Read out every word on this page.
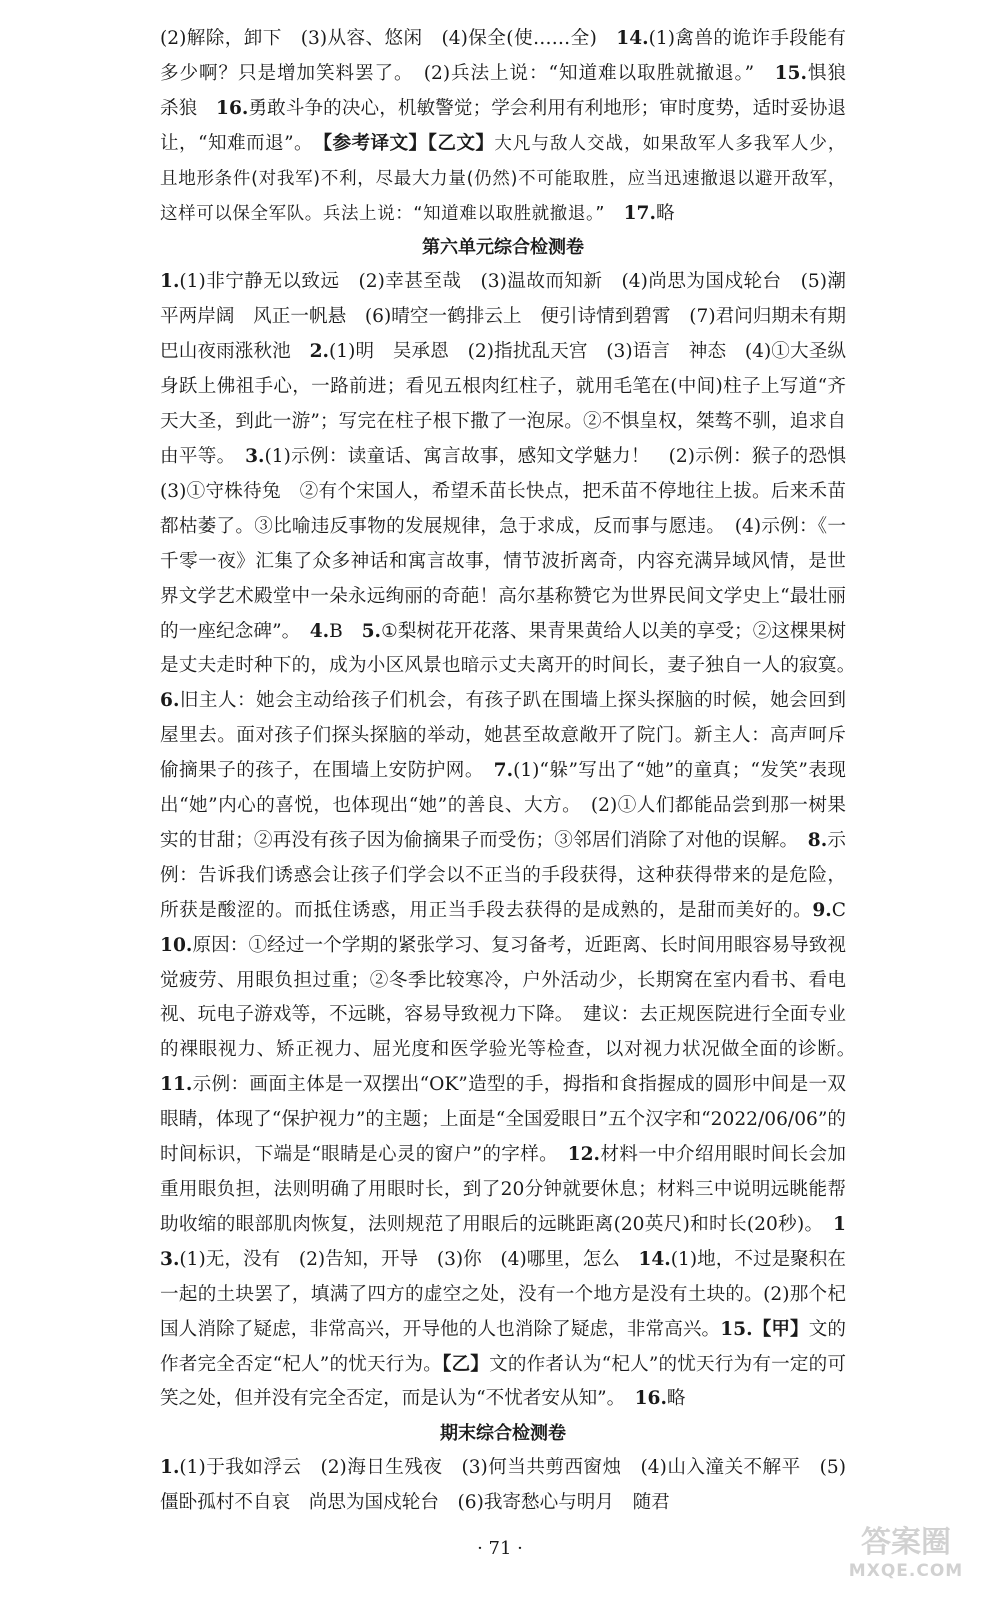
(2)解除，卸下　(3)从容、悠闲　(4)保全(使……全)　14.(1)禽兽的诡诈手段能有多少啊？只是增加笑料罢了。　(2)兵法上说：“知道难以取胜就撤退。”　15.惧狼　杀狼　16.勇敢斗争的决心，机敏警觉；学会利用有利地形；审时度势，适时妥协退让，“知难而退”。　【参考译文】【乙文】大凡与敌人交战，如果敌军人多我军人少，且地形条件(对我军)不利，尽最大力量(仍然)不可能取胜，应当迅速撤退以避开敌军，这样可以保全军队。兵法上说：“知道难以取胜就撤退。”　17.略

第六单元综合检测卷

1.(1)非宁静无以致远　(2)幸甚至哉　(3)温故而知新　(4)尚思为国戍轮台　(5)潮平两岸阔　风正一帆悬　(6)晴空一鹤排云上　便引诗情到碧霄　(7)君问归期未有期　巴山夜雨涨秋池　2.(1)明　吴承恩　(2)指扰乱天宫　(3)语言　神态　(4)①大圣纵身跃上佛祖手心，一路前进；看见五根肉红柱子，就用毛笔在(中间)柱子上写道“齐天大圣，到此一游”；写完在柱子根下撒了一泡尿。②不惧皇权，桀骜不驯，追求自由平等。　3.(1)示例：读童话、寓言故事，感知文学魅力！　(2)示例：猴子的恐惧　(3)①守株待兔　②有个宋国人，希望禾苗长快点，把禾苗不停地往上拔。后来禾苗都枯萎了。③比喻违反事物的发展规律，急于求成，反而事与愿违。　(4)示例：《一千零一夜》汇集了众多神话和寓言故事，情节波折离奇，内容充满异域风情，是世界文学艺术殿堂中一朵永远绚丽的奇葩！高尔基称赞它为世界民间文学史上“最壮丽的一座纪念碑”。　4.B　5.①梨树花开花落、果青果黄给人以美的享受；②这棵果树是丈夫走时种下的，成为小区风景也暗示丈夫离开的时间长，妻子独自一人的寂寞。　6.旧主人：她会主动给孩子们机会，有孩子趴在围墙上探头探脑的时候，她会回到屋里去。面对孩子们探头探脑的举动，她甚至故意敞开了院门。新主人：高声呵斥偷摘果子的孩子，在围墙上安防护网。　7.(1)“躲”写出了“她”的童真；“发笑”表现出“她”内心的喜悦，也体现出“她”的善良、大方。　(2)①人们都能品尝到那一树果实的甘甜；②再没有孩子因为偷摘果子而受伤；③邻居们消除了对他的误解。　8.示例：告诉我们诱惑会让孩子们学会以不正当的手段获得，这种获得带来的是危险，所获是酸涩的。而抵住诱惑，用正当手段去获得的是成熟的，是甜而美好的。9.C　10.原因：①经过一个学期的紧张学习、复习备考，近距离、长时间用眼容易导致视觉疲劳、用眼负担过重；②冬季比较寒冷，户外活动少，长期窝在室内看书、看电视、玩电子游戏等，不远眺，容易导致视力下降。　建议：去正规医院进行全面专业的裸眼视力、矫正视力、屈光度和医学验光等检查，以对视力状况做全面的诊断。　11.示例：画面主体是一双摆出“OK”造型的手，拇指和食指握成的圆形中间是一双眼睛，体现了“保护视力”的主题；上面是“全国爱眼日”五个汉字和“2022/06/06”的时间标识，下端是“眼睛是心灵的窗户”的字样。　12.材料一中介绍用眼时间长会加重用眼负担，法则明确了用眼时长，到了20分钟就要休息；材料三中说明远眺能帮助收缩的眼部肌肉恢复，法则规范了用眼后的远眺距离(20英尺)和时长(20秒)。　13.(1)无，没有　(2)告知，开导　(3)你　(4)哪里，怎么　14.(1)地，不过是聚积在一起的土块罢了，填满了四方的虚空之处，没有一个地方是没有土块的。(2)那个杞国人消除了疑虑，非常高兴，开导他的人也消除了疑虑，非常高兴。15.【甲】文的作者完全否定“杞人”的忧天行为。【乙】文的作者认为“杞人”的忧天行为有一定的可笑之处，但并没有完全否定，而是认为“不忧者安从知”。　16.略

期末综合检测卷

1.(1)于我如浮云　(2)海日生残夜　(3)何当共剪西窗烛　(4)山入潼关不解平　(5)僵卧孤村不自哀　尚思为国戍轮台　(6)我寄愁心与明月　随君

· 71 ·	答案圈
MXQE.COM
